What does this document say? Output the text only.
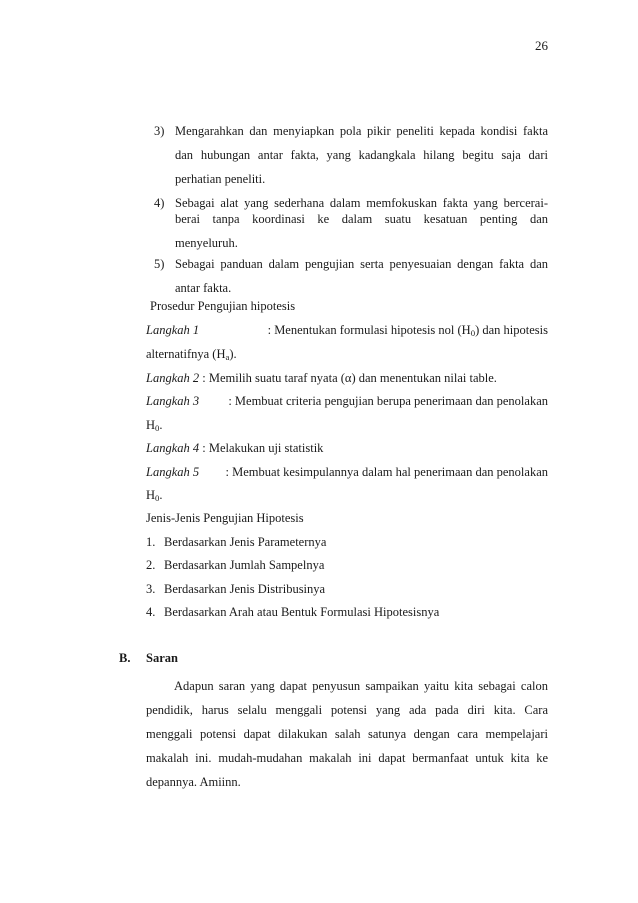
26
3) Mengarahkan dan menyiapkan pola pikir peneliti kepada kondisi fakta
dan hubungan antar fakta, yang kadangkala hilang begitu saja dari
perhatian peneliti.
4) Sebagai alat yang sederhana dalam memfokuskan fakta yang bercerai-
berai tanpa koordinasi ke dalam suatu kesatuan penting dan
menyeluruh.
5) Sebagai panduan dalam pengujian serta penyesuaian dengan fakta dan
antar fakta.
Prosedur Pengujian hipotesis
Langkah 1	: Menentukan formulasi hipotesis nol $(H_0)$ dan hipotesis
alternatifnya $(H_a)$.
Langkah 2 : Memilih suatu taraf nyata (α) dan menentukan nilai table.
Langkah 3 : Membuat criteria pengujian berupa penerimaan dan penolakan
$H_0$.
Langkah 4 : Melakukan uji statistik
Langkah 5 : Membuat kesimpulannya dalam hal penerimaan dan penolakan
$H_0$.
Jenis-Jenis Pengujian Hipotesis
1. Berdasarkan Jenis Parameternya
2. Berdasarkan Jumlah Sampelnya
3. Berdasarkan Jenis Distribusinya
4. Berdasarkan Arah atau Bentuk Formulasi Hipotesisnya
B. Saran
Adapun saran yang dapat penyusun sampaikan yaitu kita sebagai calon
pendidik, harus selalu menggali potensi yang ada pada diri kita. Cara
menggali potensi dapat dilakukan salah satunya dengan cara mempelajari
makalah ini. mudah-mudahan makalah ini dapat bermanfaat untuk kita ke
depannya. Amiinn.
